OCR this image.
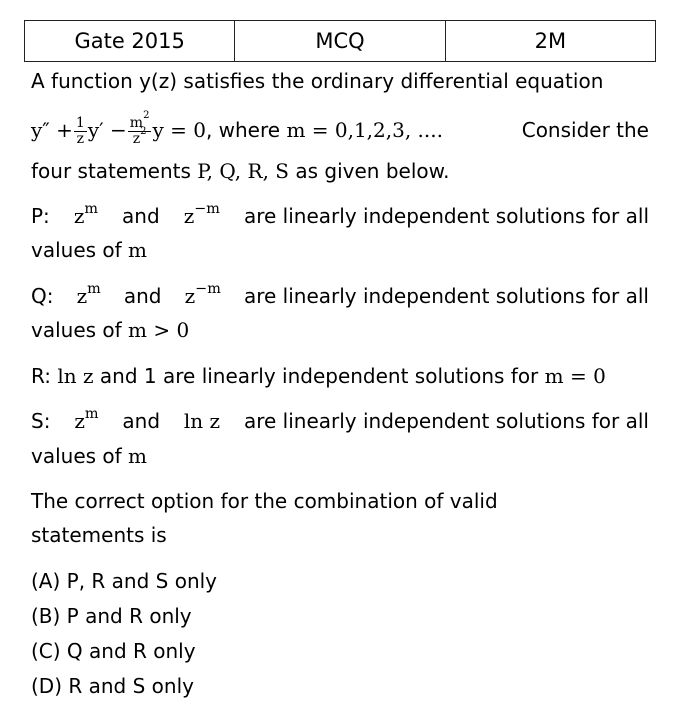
Gate 2015	MCQ	2M
A function y(z) satisfies the ordinary differential equation
$y'' + \frac{1}{z} y' - \frac{m^2}{z^2}$ y = 0, where m = 0,1,2,3, ....	Consider the
four statements P, Q, R, S as given below.
P: $z^m$ and $z^{-m}$ are linearly independent solutions for all
values of m
Q: $z^m$ and $z^{-m}$ are linearly independent solutions for all
values of m > 0
R: ln z and 1 are linearly independent solutions for m = 0
S: $z^m$ and ln z are linearly independent solutions for all
values of m
The correct option for the combination of valid
statements is
(A) P, R and S only
(B) P and R only
(C) Q and R only
(D) R and S only
